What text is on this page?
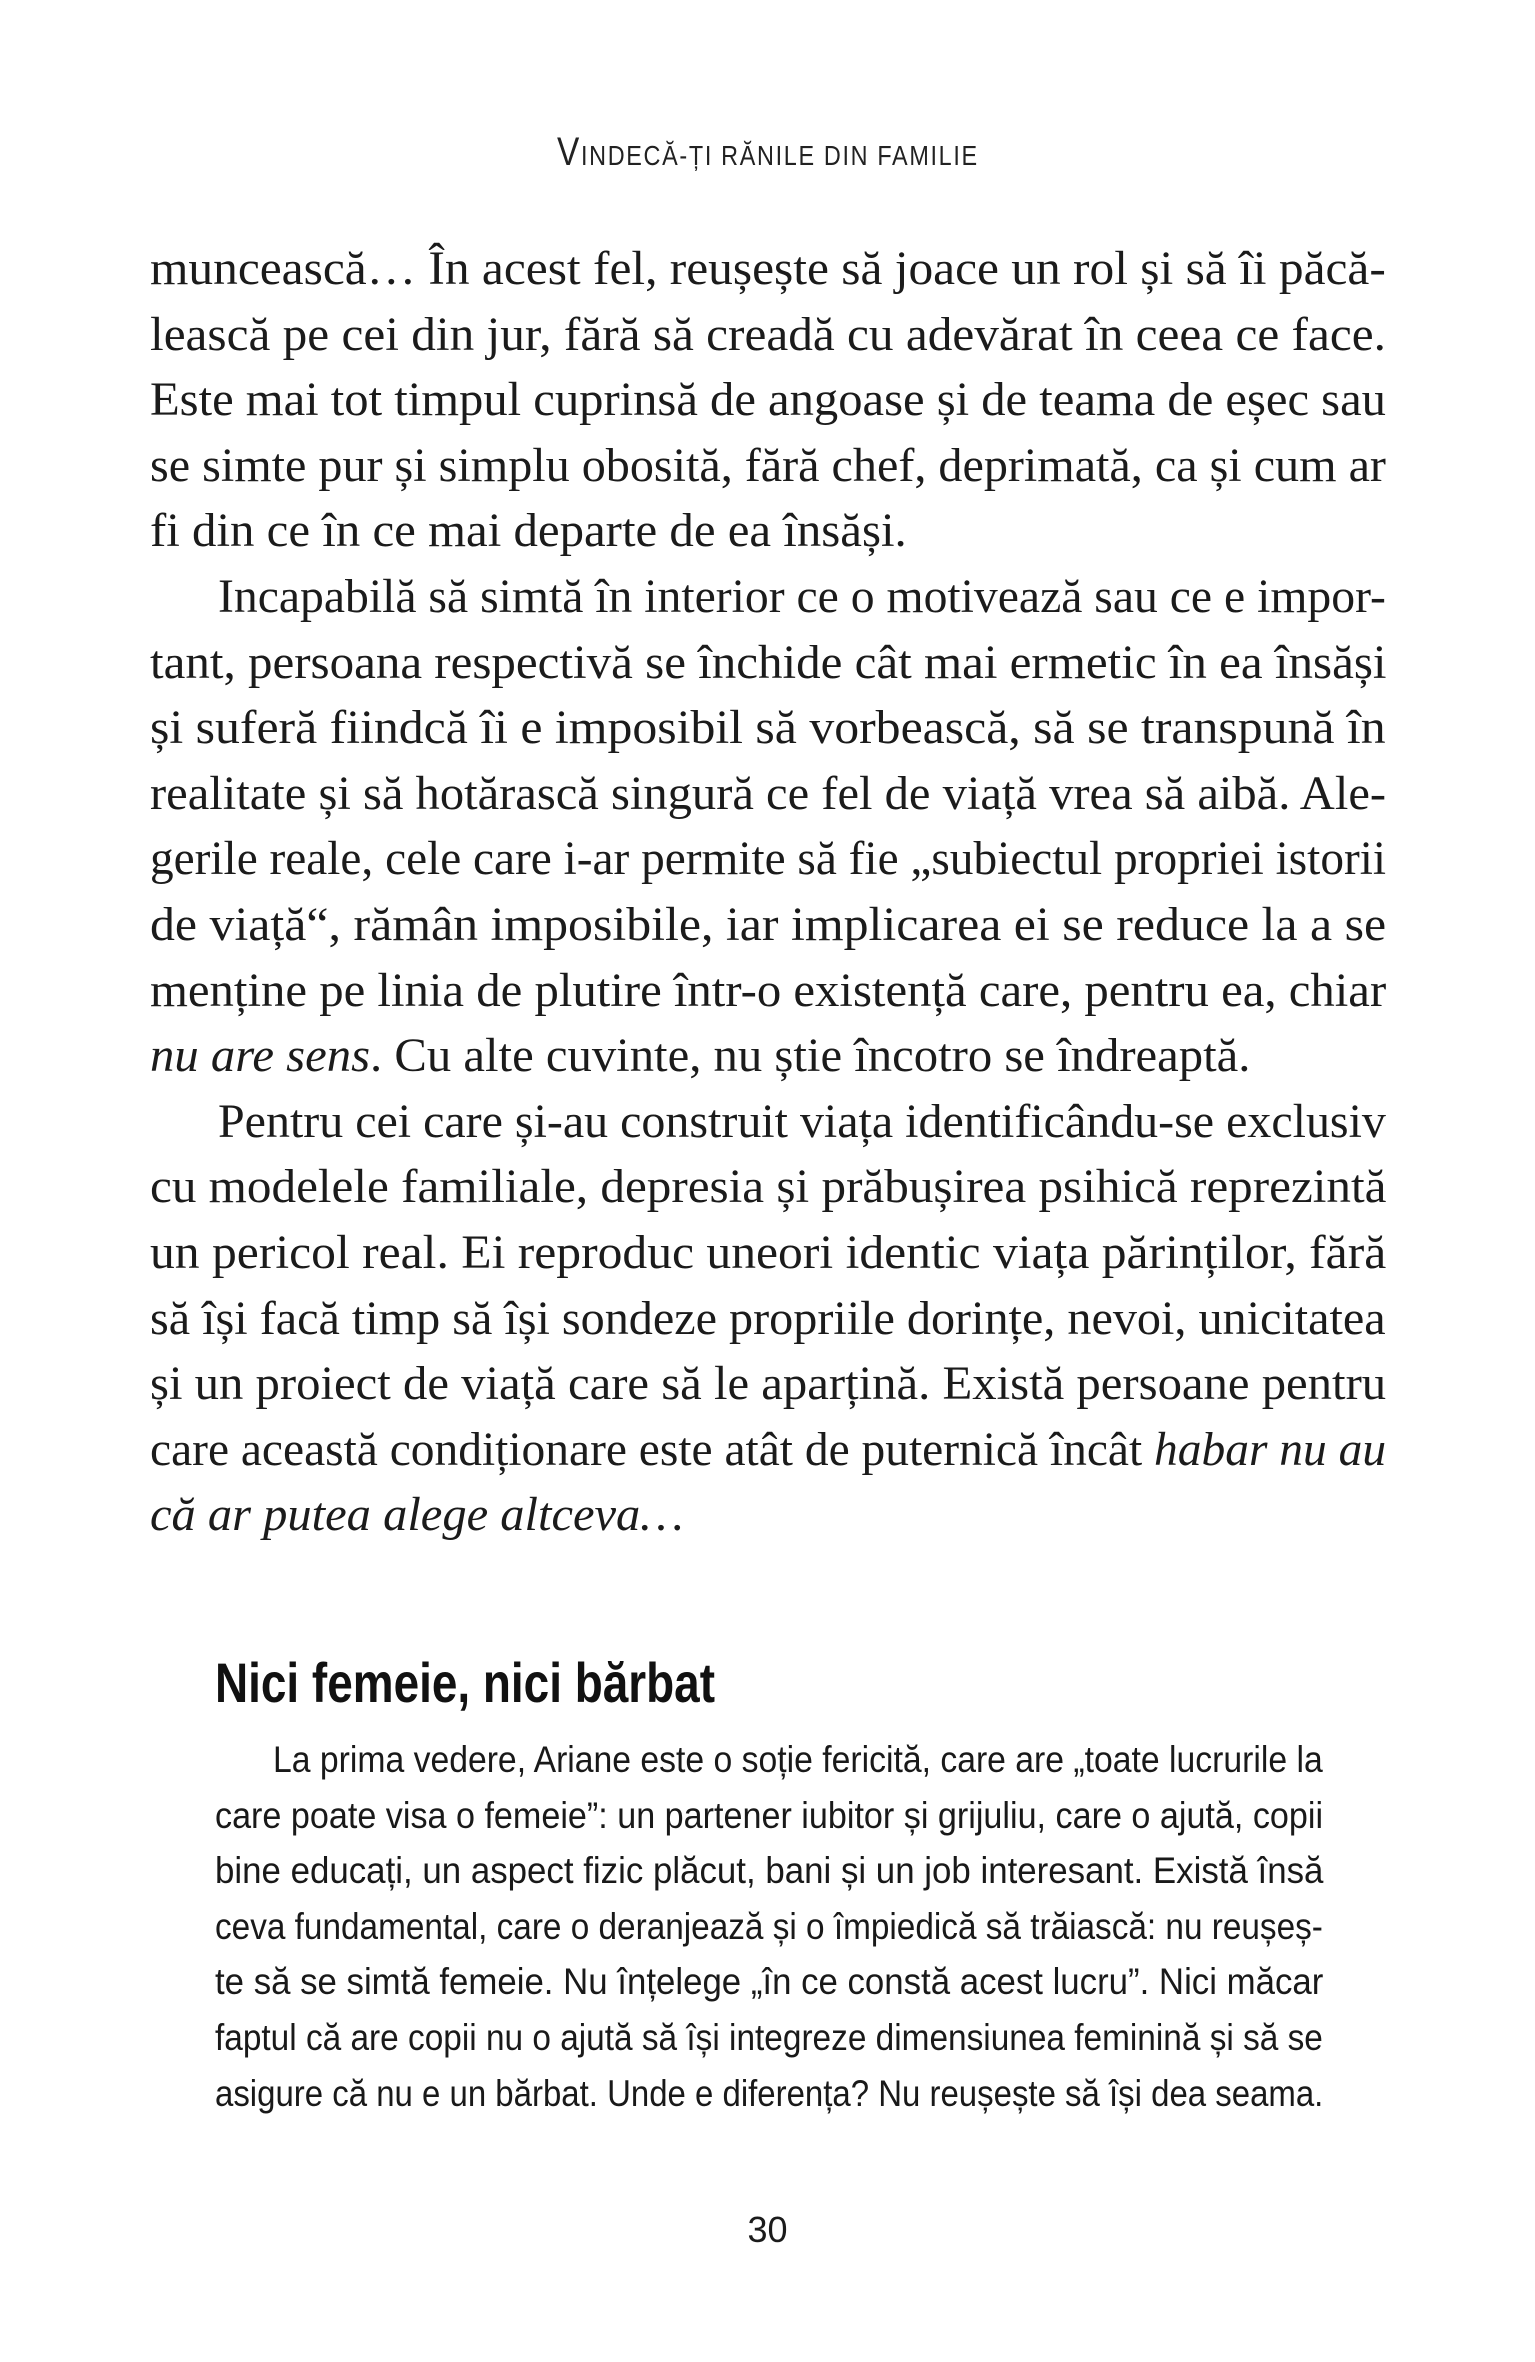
VINDECĂ-ȚI RĂNILE DIN FAMILIE
muncească… În acest fel, reușește să joace un rol și să îi păcă-
lească pe cei din jur, fără să creadă cu adevărat în ceea ce face.
Este mai tot timpul cuprinsă de angoase și de teama de eșec sau
se simte pur și simplu obosită, fără chef, deprimată, ca și cum ar
fi din ce în ce mai departe de ea însăși.
Incapabilă să simtă în interior ce o motivează sau ce e impor-
tant, persoana respectivă se închide cât mai ermetic în ea însăși
și suferă fiindcă îi e imposibil să vorbească, să se transpună în
realitate și să hotărască singură ce fel de viață vrea să aibă. Ale-
gerile reale, cele care i-ar permite să fie „subiectul propriei istorii
de viață“, rămân imposibile, iar implicarea ei se reduce la a se
menține pe linia de plutire într-o existență care, pentru ea, chiar
nu are sens. Cu alte cuvinte, nu știe încotro se îndreaptă.
Pentru cei care și-au construit viața identificându-se exclusiv
cu modelele familiale, depresia și prăbușirea psihică reprezintă
un pericol real. Ei reproduc uneori identic viața părinților, fără
să își facă timp să își sondeze propriile dorințe, nevoi, unicitatea
și un proiect de viață care să le aparțină. Există persoane pentru
care această condiționare este atât de puternică încât habar nu au
că ar putea alege altceva…
Nici femeie, nici bărbat
La prima vedere, Ariane este o soție fericită, care are „toate lucrurile la
care poate visa o femeie”: un partener iubitor și grijuliu, care o ajută, copii
bine educați, un aspect fizic plăcut, bani și un job interesant. Există însă
ceva fundamental, care o deranjează și o împiedică să trăiască: nu reușeș-
te să se simtă femeie. Nu înțelege „în ce constă acest lucru”. Nici măcar
faptul că are copii nu o ajută să își integreze dimensiunea feminină și să se
asigure că nu e un bărbat. Unde e diferența? Nu reușește să își dea seama.
30
